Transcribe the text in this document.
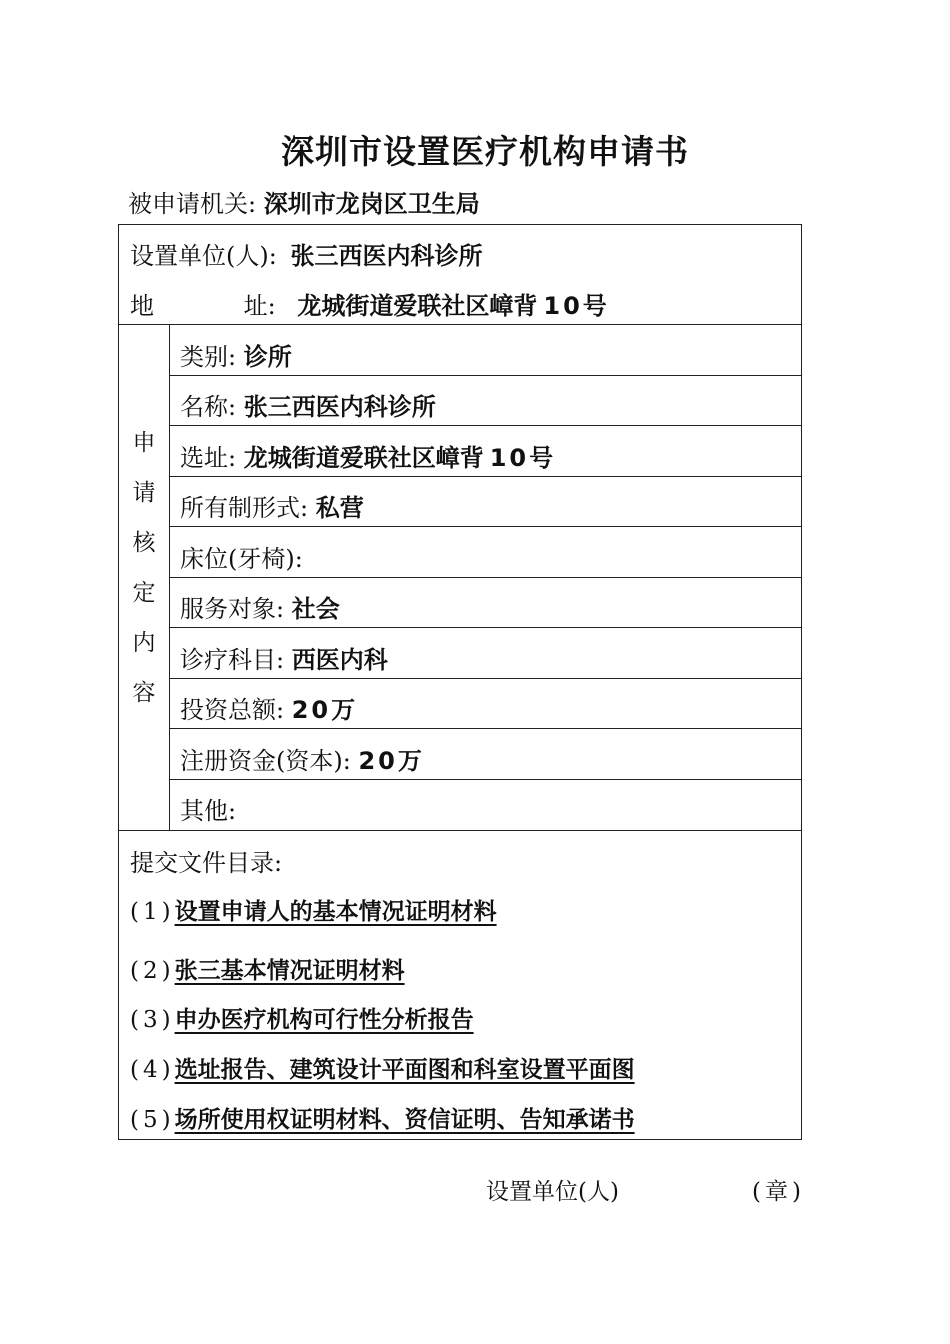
深圳市设置医疗机构申请书
被申请机关: 深圳市龙岗区卫生局
设置单位(人): 张三西医内科诊所
地	址: 龙城街道爱联社区嶂背 10号
申
请
核
定
内
容
类别: 诊所
名称: 张三西医内科诊所
选址: 龙城街道爱联社区嶂背 10号
所有制形式: 私营
床位(牙椅):
服务对象: 社会
诊疗科目: 西医内科
投资总额: 20万
注册资金(资本): 20万
其他:
提交文件目录:
(1)设置申请人的基本情况证明材料
(2)张三基本情况证明材料
(3)申办医疗机构可行性分析报告
(4)选址报告、建筑设计平面图和科室设置平面图
(5)场所使用权证明材料、资信证明、告知承诺书
设置单位(人)	(章)
